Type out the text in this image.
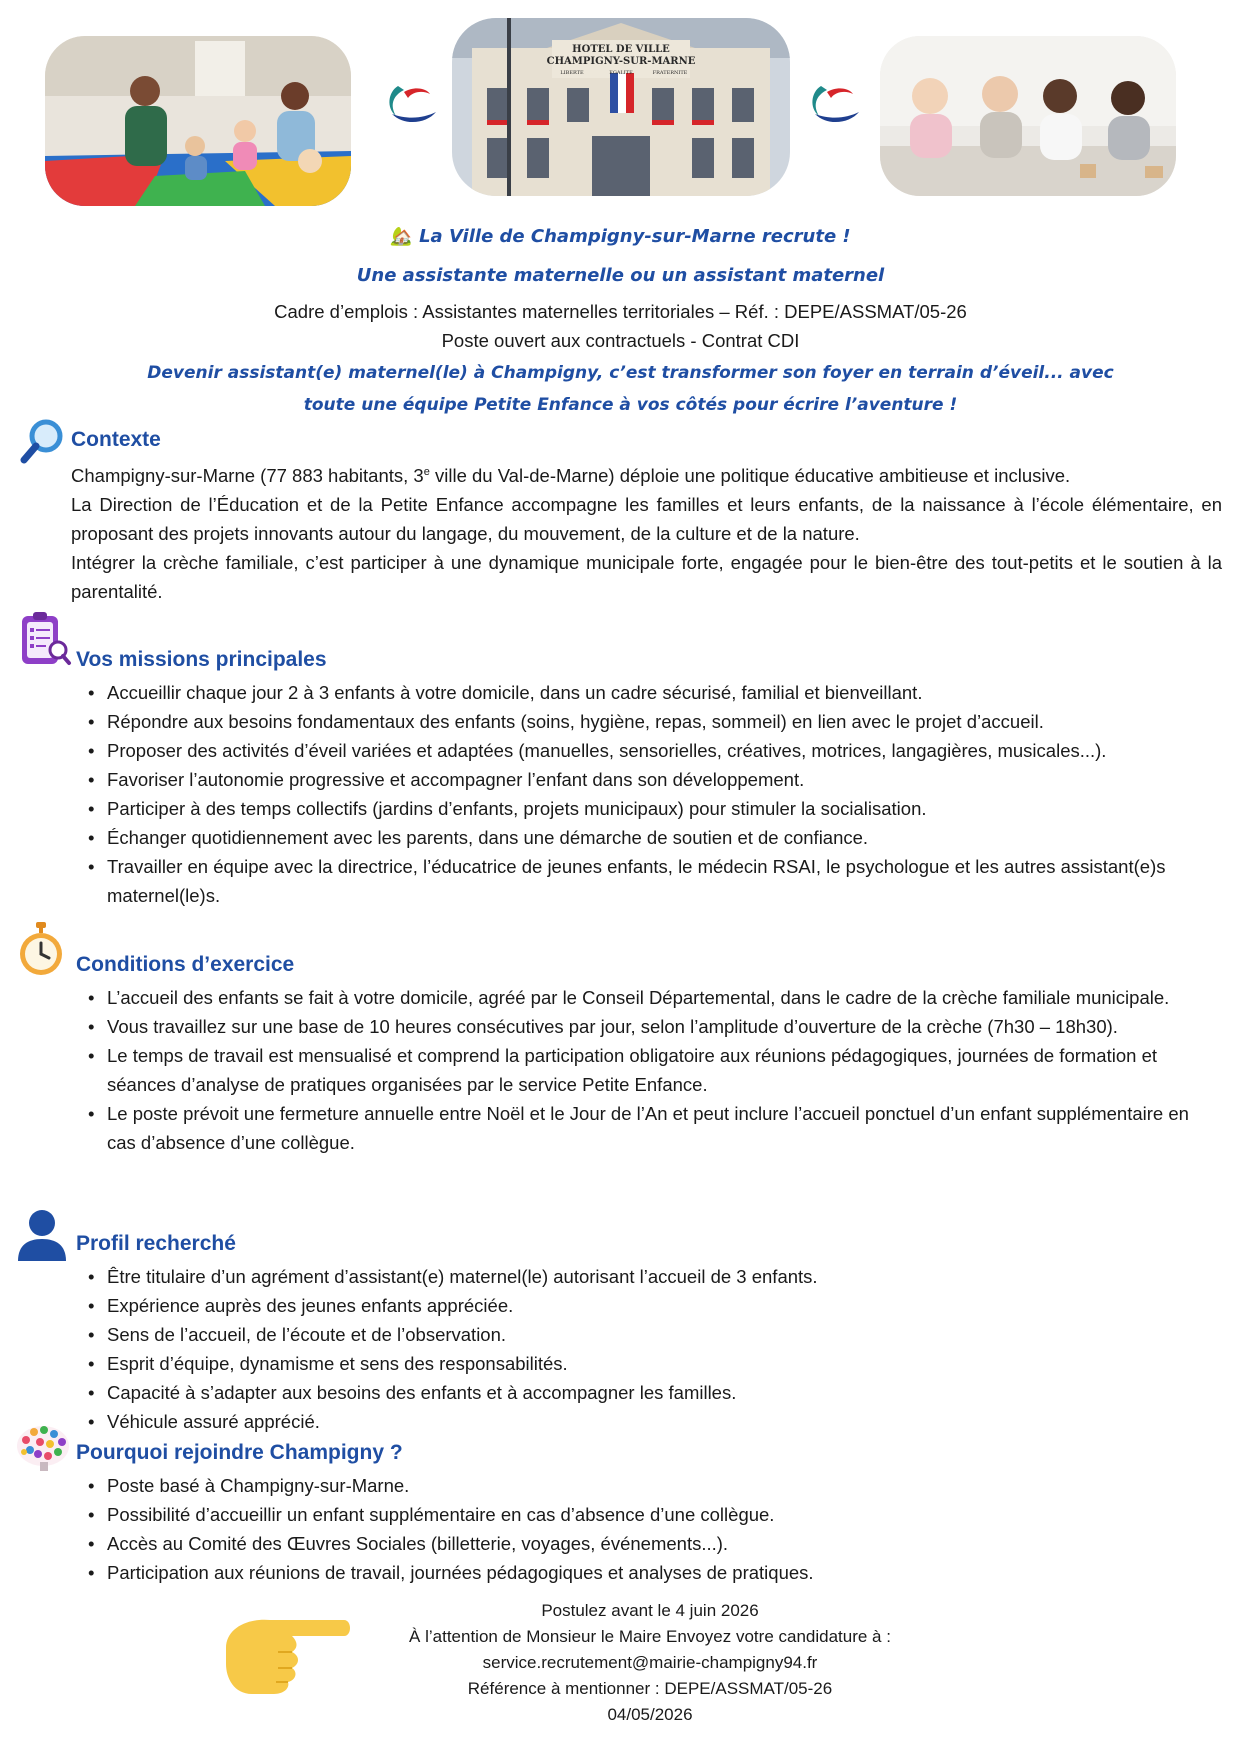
HOTEL DE VILLE
CHAMPIGNY-SUR-MARNE
LIBERTE	EGALITE	FRATERNITE
🏡 La Ville de Champigny-sur-Marne recrute !
Une assistante maternelle ou un assistant maternel
Cadre d’emplois : Assistantes maternelles territoriales – Réf. : DEPE/ASSMAT/05-26
Poste ouvert aux contractuels - Contrat CDI
Devenir assistant(e) maternel(le) à Champigny, c’est transformer son foyer en terrain d’éveil... avec
toute une équipe Petite Enfance à vos côtés pour écrire l’aventure !
Contexte

Champigny-sur-Marne (77 883 habitants, 3e ville du Val-de-Marne) déploie une politique éducative ambitieuse et inclusive.

La Direction de l’Éducation et de la Petite Enfance accompagne les familles et leurs enfants, de la naissance à l’école élémentaire, en proposant des projets innovants autour du langage, du mouvement, de la culture et de la nature.

Intégrer la crèche familiale, c’est participer à une dynamique municipale forte, engagée pour le bien-être des tout-petits et le soutien à la parentalité.

Vos missions principales
• Accueillir chaque jour 2 à 3 enfants à votre domicile, dans un cadre sécurisé, familial et bienveillant.
• Répondre aux besoins fondamentaux des enfants (soins, hygiène, repas, sommeil) en lien avec le projet d’accueil.
• Proposer des activités d’éveil variées et adaptées (manuelles, sensorielles, créatives, motrices, langagières, musicales...).
• Favoriser l’autonomie progressive et accompagner l’enfant dans son développement.
• Participer à des temps collectifs (jardins d’enfants, projets municipaux) pour stimuler la socialisation.
• Échanger quotidiennement avec les parents, dans une démarche de soutien et de confiance.
• Travailler en équipe avec la directrice, l’éducatrice de jeunes enfants, le médecin RSAI, le psychologue et les autres assistant(e)s maternel(le)s.
Conditions d’exercice
• L’accueil des enfants se fait à votre domicile, agréé par le Conseil Départemental, dans le cadre de la crèche familiale municipale.
• Vous travaillez sur une base de 10 heures consécutives par jour, selon l’amplitude d’ouverture de la crèche (7h30 – 18h30).
• Le temps de travail est mensualisé et comprend la participation obligatoire aux réunions pédagogiques, journées de formation et séances d’analyse de pratiques organisées par le service Petite Enfance.
• Le poste prévoit une fermeture annuelle entre Noël et le Jour de l’An et peut inclure l’accueil ponctuel d’un enfant supplémentaire en cas d’absence d’une collègue.
Profil recherché
• Être titulaire d’un agrément d’assistant(e) maternel(le) autorisant l’accueil de 3 enfants.
• Expérience auprès des jeunes enfants appréciée.
• Sens de l’accueil, de l’écoute et de l’observation.
• Esprit d’équipe, dynamisme et sens des responsabilités.
• Capacité à s’adapter aux besoins des enfants et à accompagner les familles.
• Véhicule assuré apprécié.
Pourquoi rejoindre Champigny ?
• Poste basé à Champigny-sur-Marne.
• Possibilité d’accueillir un enfant supplémentaire en cas d’absence d’une collègue.
• Accès au Comité des Œuvres Sociales (billetterie, voyages, événements...).
• Participation aux réunions de travail, journées pédagogiques et analyses de pratiques.
Postulez avant le 4 juin 2026
À l’attention de Monsieur le Maire Envoyez votre candidature à :
service.recrutement@mairie-champigny94.fr
Référence à mentionner : DEPE/ASSMAT/05-26
04/05/2026
